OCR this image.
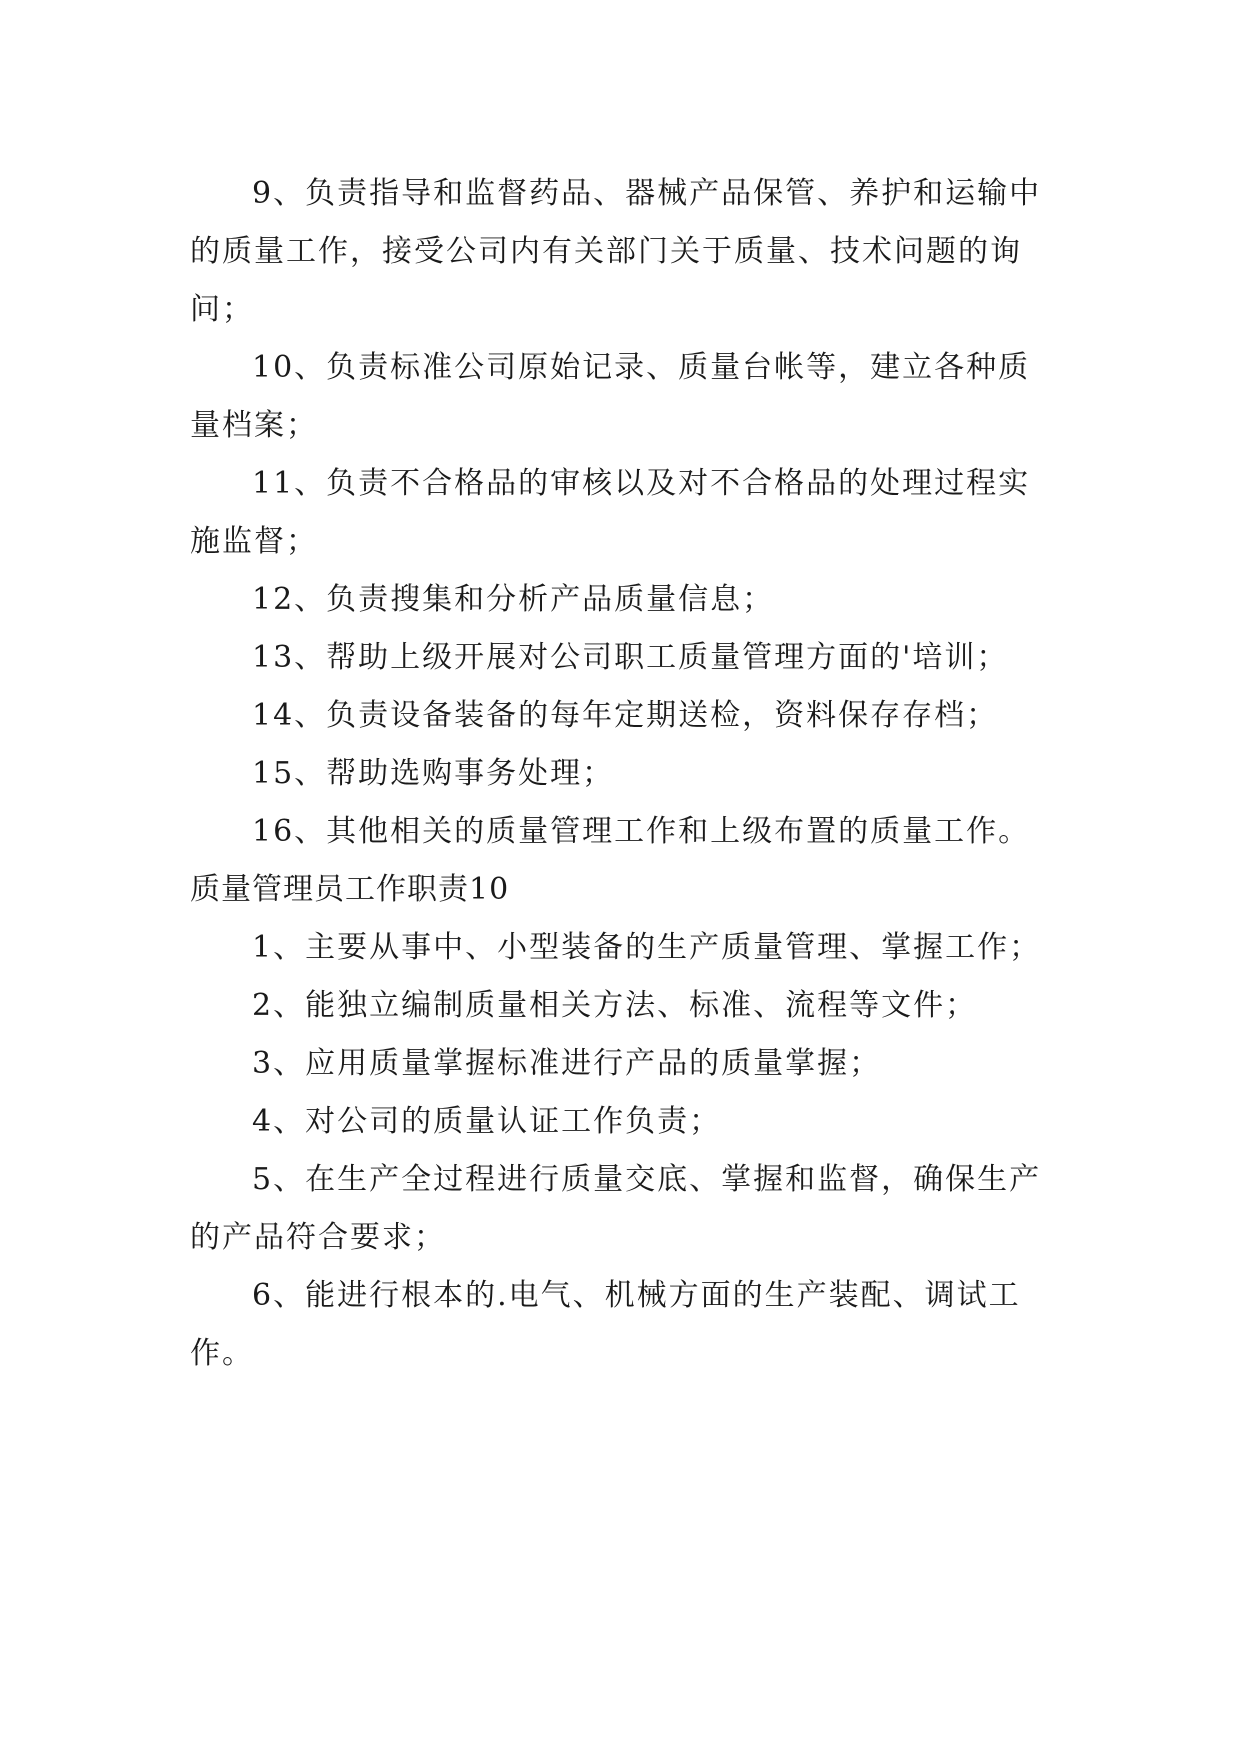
9、负责指导和监督药品、器械产品保管、养护和运输中的质量工作，接受公司内有关部门关于质量、技术问题的询问；

10、负责标准公司原始记录、质量台帐等，建立各种质量档案；

11、负责不合格品的审核以及对不合格品的处理过程实施监督；

12、负责搜集和分析产品质量信息；

13、帮助上级开展对公司职工质量管理方面的'培训；

14、负责设备装备的每年定期送检，资料保存存档；

15、帮助选购事务处理；

16、其他相关的质量管理工作和上级布置的质量工作。

质量管理员工作职责10

1、主要从事中、小型装备的生产质量管理、掌握工作；

2、能独立编制质量相关方法、标准、流程等文件；

3、应用质量掌握标准进行产品的质量掌握；

4、对公司的质量认证工作负责；

5、在生产全过程进行质量交底、掌握和监督，确保生产的产品符合要求；

6、能进行根本的.电气、机械方面的生产装配、调试工作。
